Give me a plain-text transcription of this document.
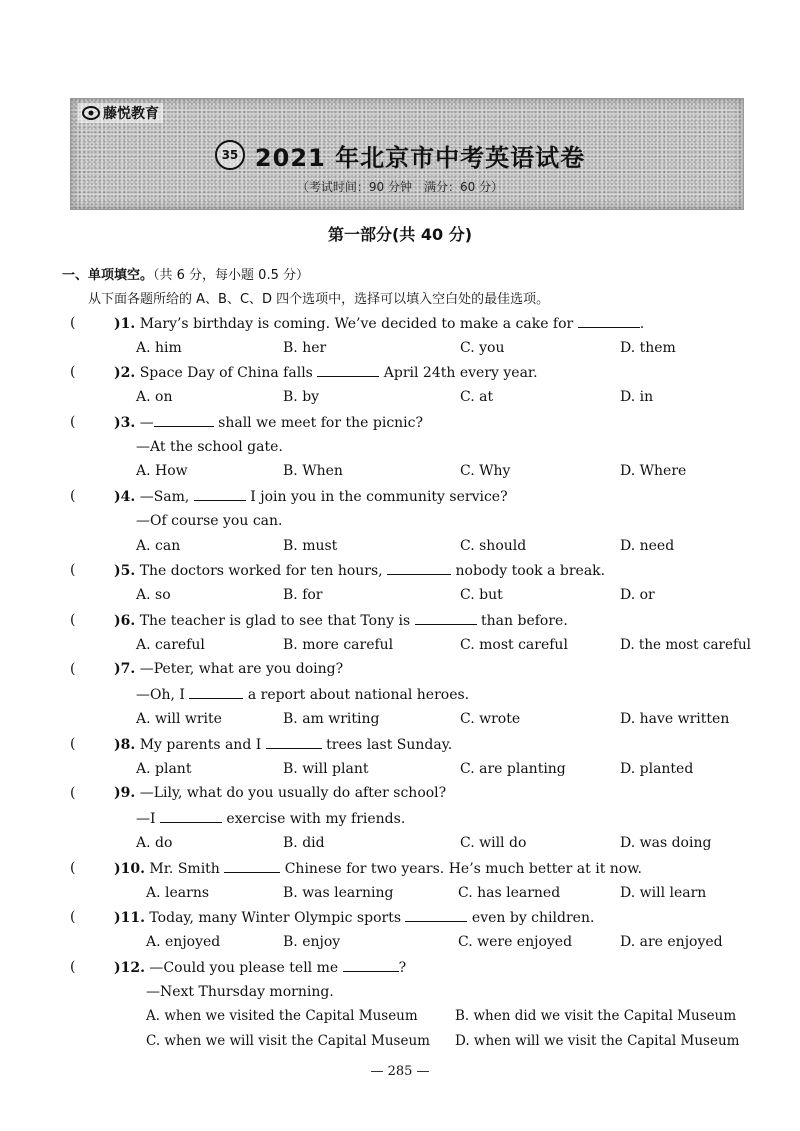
藤悦教育
35 2021 年北京市中考英语试卷
（考试时间：90 分钟　满分：60 分）
第一部分(共 40 分)
一、单项填空。（共 6 分，每小题 0.5 分）
从下面各题所给的 A、B、C、D 四个选项中，选择可以填入空白处的最佳选项。
(	)1. Mary’s birthday is coming. We’ve decided to make a cake for	.
A. him	B. her	C. you	D. them
(	)2. Space Day of China falls	April 24th every year.
A. on	B. by	C. at	D. in
(	)3. —	shall we meet for the picnic?
—At the school gate.
A. How	B. When	C. Why	D. Where
(	)4. —Sam,	I join you in the community service?
—Of course you can.
A. can	B. must	C. should	D. need
(	)5. The doctors worked for ten hours,	nobody took a break.
A. so	B. for	C. but	D. or
(	)6. The teacher is glad to see that Tony is	than before.
A. careful	B. more careful	C. most careful	D. the most careful
(	)7. —Peter, what are you doing?
—Oh, I	a report about national heroes.
A. will write	B. am writing	C. wrote	D. have written
(	)8. My parents and I	trees last Sunday.
A. plant	B. will plant	C. are planting	D. planted
(	)9. —Lily, what do you usually do after school?
—I	exercise with my friends.
A. do	B. did	C. will do	D. was doing
(	)10. Mr. Smith	Chinese for two years. He’s much better at it now.
A. learns	B. was learning	C. has learned	D. will learn
(	)11. Today, many Winter Olympic sports	even by children.
A. enjoyed	B. enjoy	C. were enjoyed	D. are enjoyed
(	)12. —Could you please tell me	?
—Next Thursday morning.
A. when we visited the Capital Museum	B. when did we visit the Capital Museum
C. when we will visit the Capital Museum D. when will we visit the Capital Museum
— 285 —
